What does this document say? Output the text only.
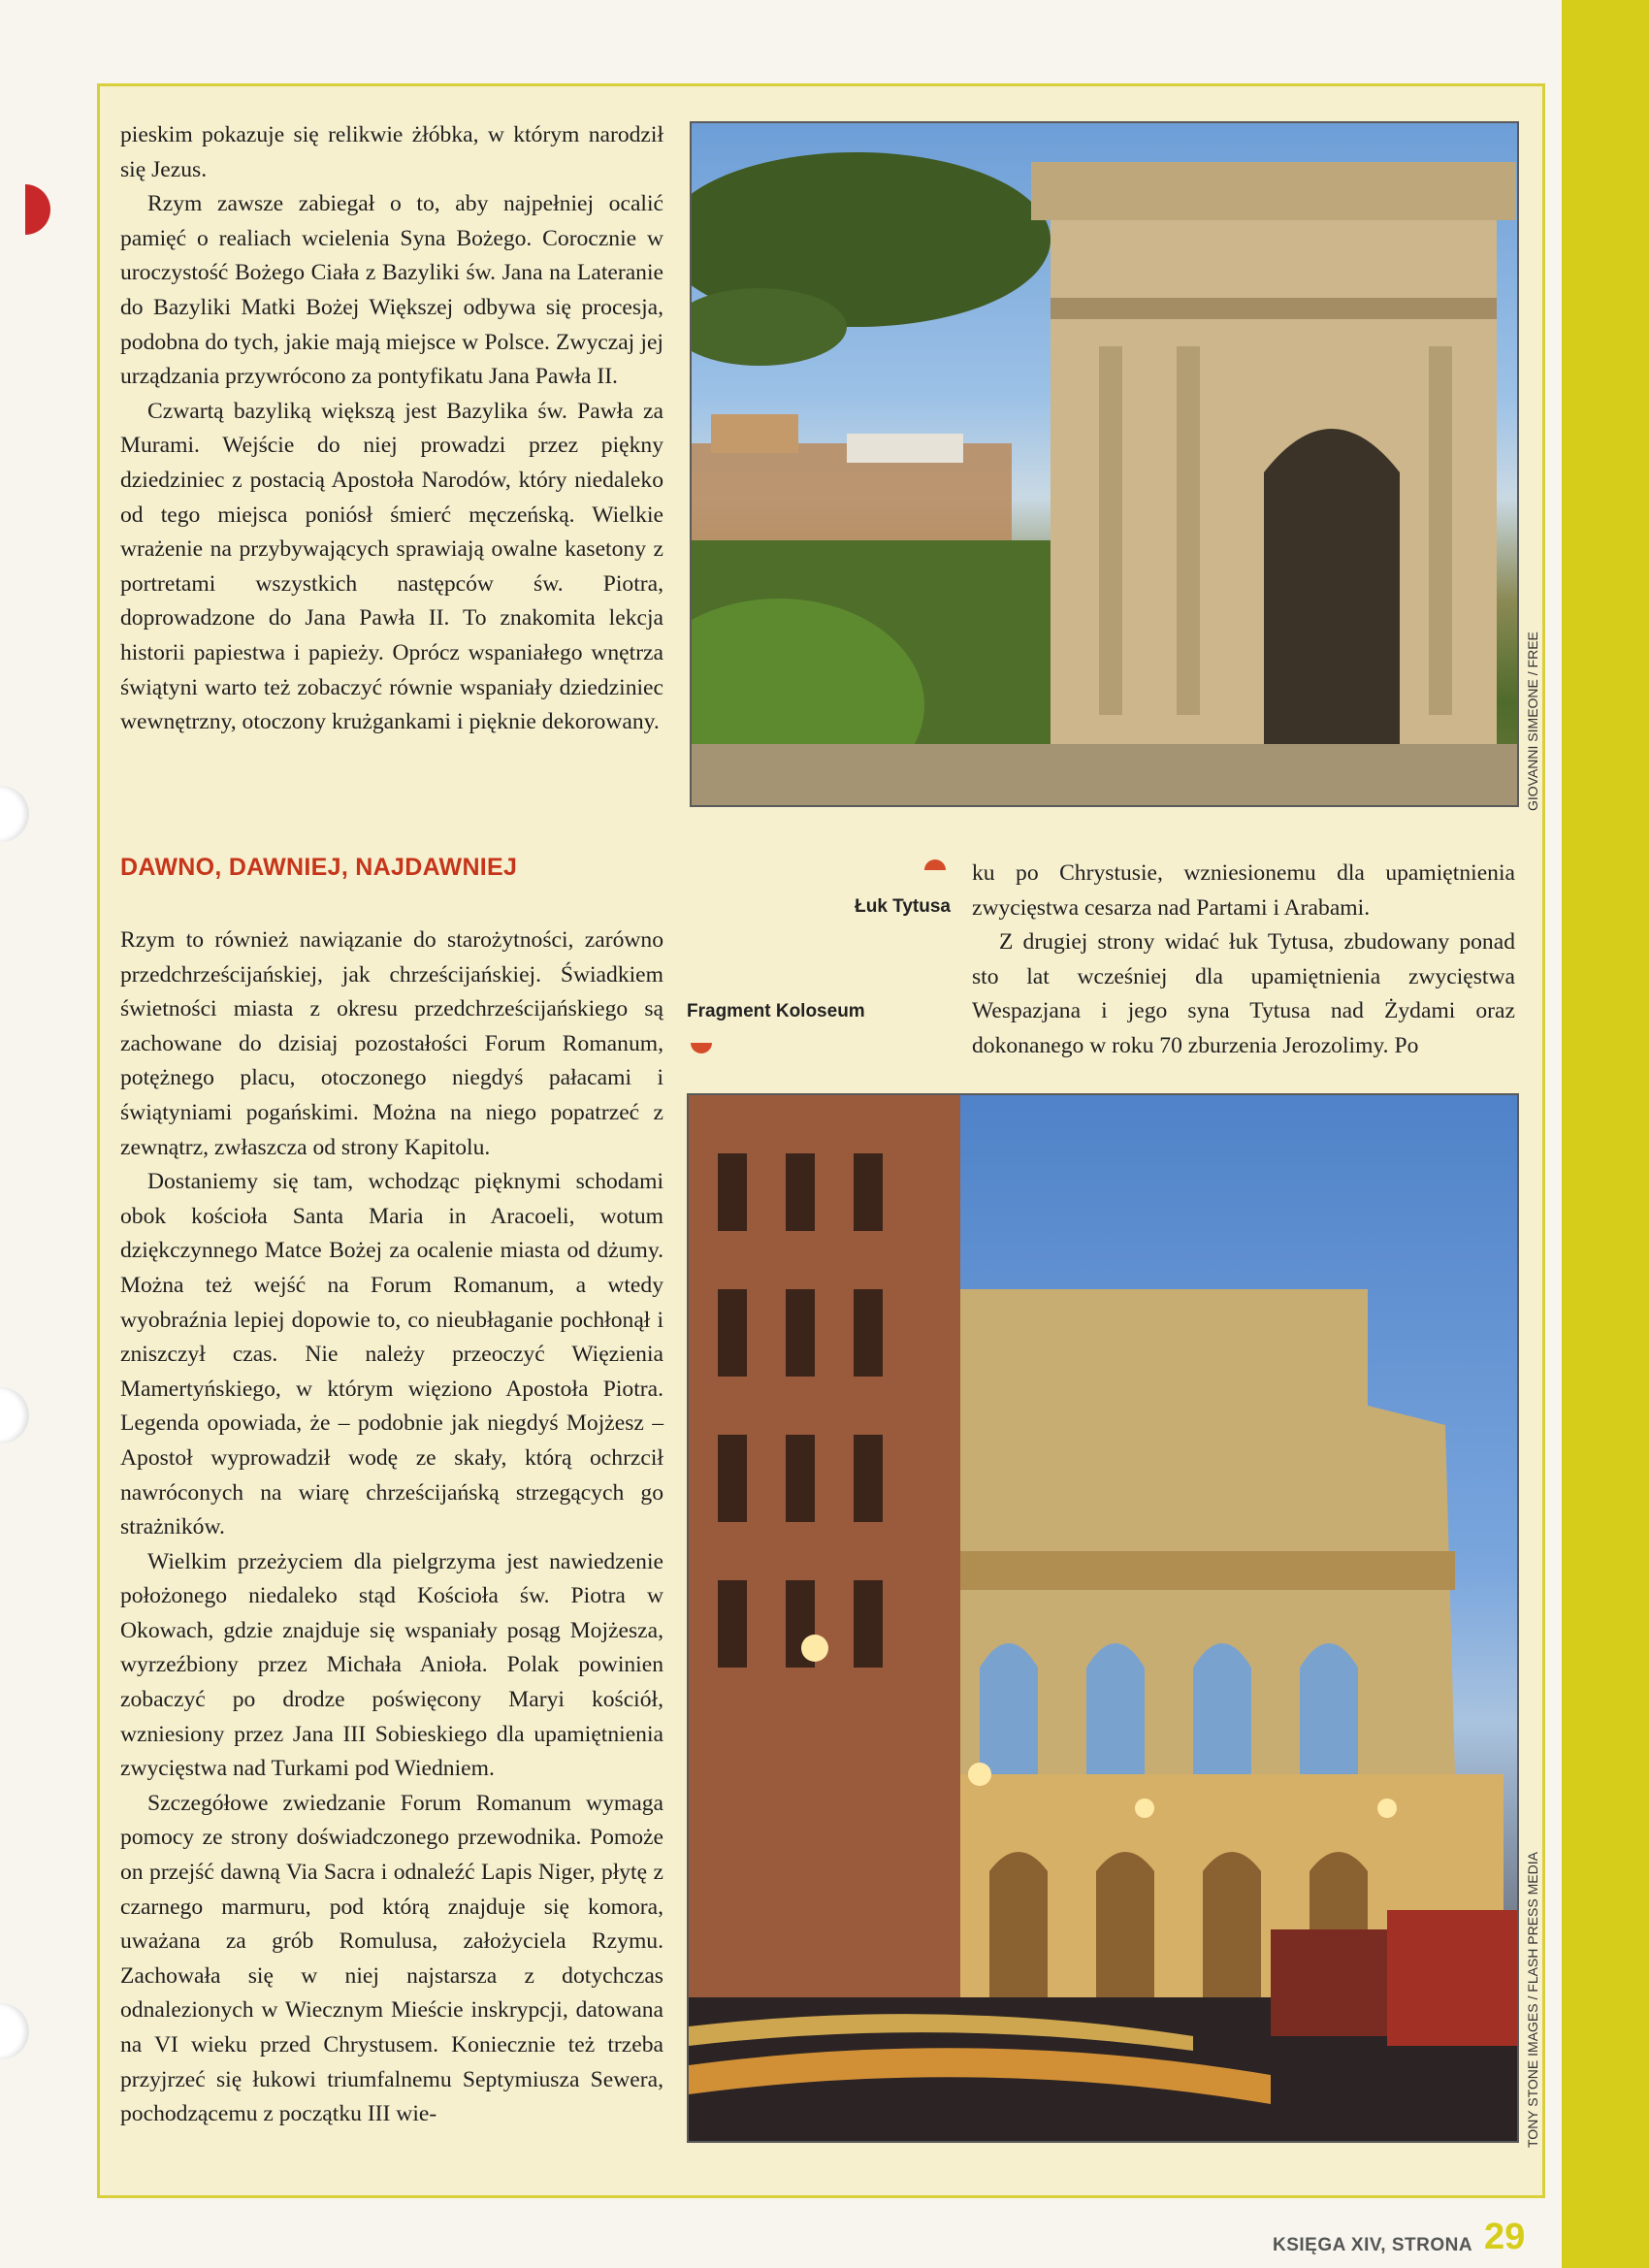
pieskim pokazuje się relikwie żłóbka, w którym narodził się Jezus.

Rzym zawsze zabiegał o to, aby najpełniej ocalić pamięć o realiach wcielenia Syna Bożego. Corocznie w uroczystość Bożego Ciała z Bazyliki św. Jana na Lateranie do Bazyliki Matki Bożej Większej odbywa się procesja, podobna do tych, jakie mają miejsce w Polsce. Zwyczaj jej urządzania przywrócono za pontyfikatu Jana Pawła II.

Czwartą bazyliką większą jest Bazylika św. Pawła za Murami. Wejście do niej prowadzi przez piękny dziedziniec z postacią Apostoła Narodów, który niedaleko od tego miejsca poniósł śmierć męczeńską. Wielkie wrażenie na przybywających sprawiają owalne kasetony z portretami wszystkich następców św. Piotra, doprowadzone do Jana Pawła II. To znakomita lekcja historii papiestwa i papieży. Oprócz wspaniałego wnętrza świątyni warto też zobaczyć równie wspaniały dziedziniec wewnętrzny, otoczony krużgankami i pięknie dekorowany.

DAWNO, DAWNIEJ, NAJDAWNIEJ

Rzym to również nawiązanie do starożytności, zarówno przedchrześcijańskiej, jak chrześcijańskiej. Świadkiem świetności miasta z okresu przedchrześcijańskiego są zachowane do dzisiaj pozostałości Forum Romanum, potężnego placu, otoczonego niegdyś pałacami i świątyniami pogańskimi. Można na niego popatrzeć z zewnątrz, zwłaszcza od strony Kapitolu.

Dostaniemy się tam, wchodząc pięknymi schodami obok kościoła Santa Maria in Aracoeli, wotum dziękczynnego Matce Bożej za ocalenie miasta od dżumy. Można też wejść na Forum Romanum, a wtedy wyobraźnia lepiej dopowie to, co nieubłaganie pochłonął i zniszczył czas. Nie należy przeoczyć Więzienia Mamertyńskiego, w którym więziono Apostoła Piotra. Legenda opowiada, że – podobnie jak niegdyś Mojżesz – Apostoł wyprowadził wodę ze skały, którą ochrzcił nawróconych na wiarę chrześcijańską strzegących go strażników.

Wielkim przeżyciem dla pielgrzyma jest nawiedzenie położonego niedaleko stąd Kościoła św. Piotra w Okowach, gdzie znajduje się wspaniały posąg Mojżesza, wyrzeźbiony przez Michała Anioła. Polak powinien zobaczyć po drodze poświęcony Maryi kościół, wzniesiony przez Jana III Sobieskiego dla upamiętnienia zwycięstwa nad Turkami pod Wiedniem.

Szczegółowe zwiedzanie Forum Romanum wymaga pomocy ze strony doświadczonego przewodnika. Pomoże on przejść dawną Via Sacra i odnaleźć Lapis Niger, płytę z czarnego marmuru, pod którą znajduje się komora, uważana za grób Romulusa, założyciela Rzymu. Zachowała się w niej najstarsza z dotychczas odnalezionych w Wiecznym Mieście inskrypcji, datowana na VI wieku przed Chrystusem. Koniecznie też trzeba przyjrzeć się łukowi triumfalnemu Septymiusza Sewera, pochodzącemu z początku III wie-

ku po Chrystusie, wzniesionemu dla upamiętnienia zwycięstwa cesarza nad Partami i Arabami.

Z drugiej strony widać łuk Tytusa, zbudowany ponad sto lat wcześniej dla upamiętnienia zwycięstwa Wespazjana i jego syna Tytusa nad Żydami oraz dokonanego w roku 70 zburzenia Jerozolimy. Po

GIOVANNI SIMEONE / FREE
Łuk Tytusa
Fragment Koloseum
TONY STONE IMAGES / FLASH PRESS MEDIA
KSIĘGA XIV, STRONA 29
